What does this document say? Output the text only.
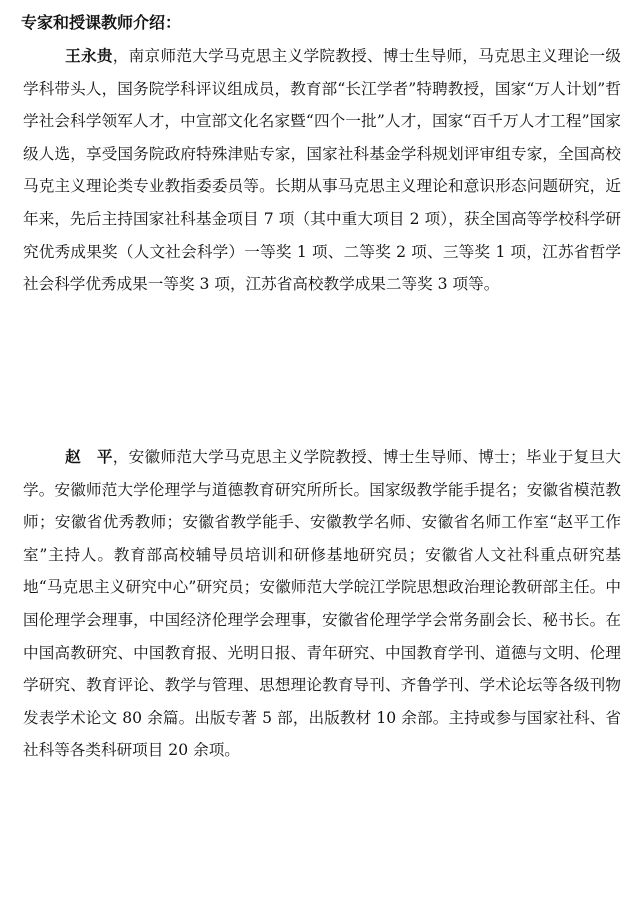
专家和授课教师介绍：

王永贵，南京师范大学马克思主义学院教授、博士生导师，马克思主义理论一级学科带头人，国务院学科评议组成员，教育部“长江学者”特聘教授，国家“万人计划”哲学社会科学领军人才，中宣部文化名家暨“四个一批”人才，国家“百千万人才工程”国家级人选，享受国务院政府特殊津贴专家，国家社科基金学科规划评审组专家，全国高校马克主义理论类专业教指委委员等。长期从事马克思主义理论和意识形态问题研究，近年来，先后主持国家社科基金项目 7 项（其中重大项目 2 项），获全国高等学校科学研究优秀成果奖（人文社会科学）一等奖 1 项、二等奖 2 项、三等奖 1 项，江苏省哲学社会科学优秀成果一等奖 3 项，江苏省高校教学成果二等奖 3 项等。

赵　平，安徽师范大学马克思主义学院教授、博士生导师、博士；毕业于复旦大学。安徽师范大学伦理学与道德教育研究所所长。国家级教学能手提名；安徽省模范教师；安徽省优秀教师；安徽省教学能手、安徽教学名师、安徽省名师工作室“赵平工作室”主持人。教育部高校辅导员培训和研修基地研究员；安徽省人文社科重点研究基地“马克思主义研究中心”研究员；安徽师范大学皖江学院思想政治理论教研部主任。中国伦理学会理事，中国经济伦理学会理事，安徽省伦理学学会常务副会长、秘书长。在中国高教研究、中国教育报、光明日报、青年研究、中国教育学刊、道德与文明、伦理学研究、教育评论、教学与管理、思想理论教育导刊、齐鲁学刊、学术论坛等各级刊物发表学术论文 80 余篇。出版专著 5 部，出版教材 10 余部。主持或参与国家社科、省社科等各类科研项目 20 余项。
